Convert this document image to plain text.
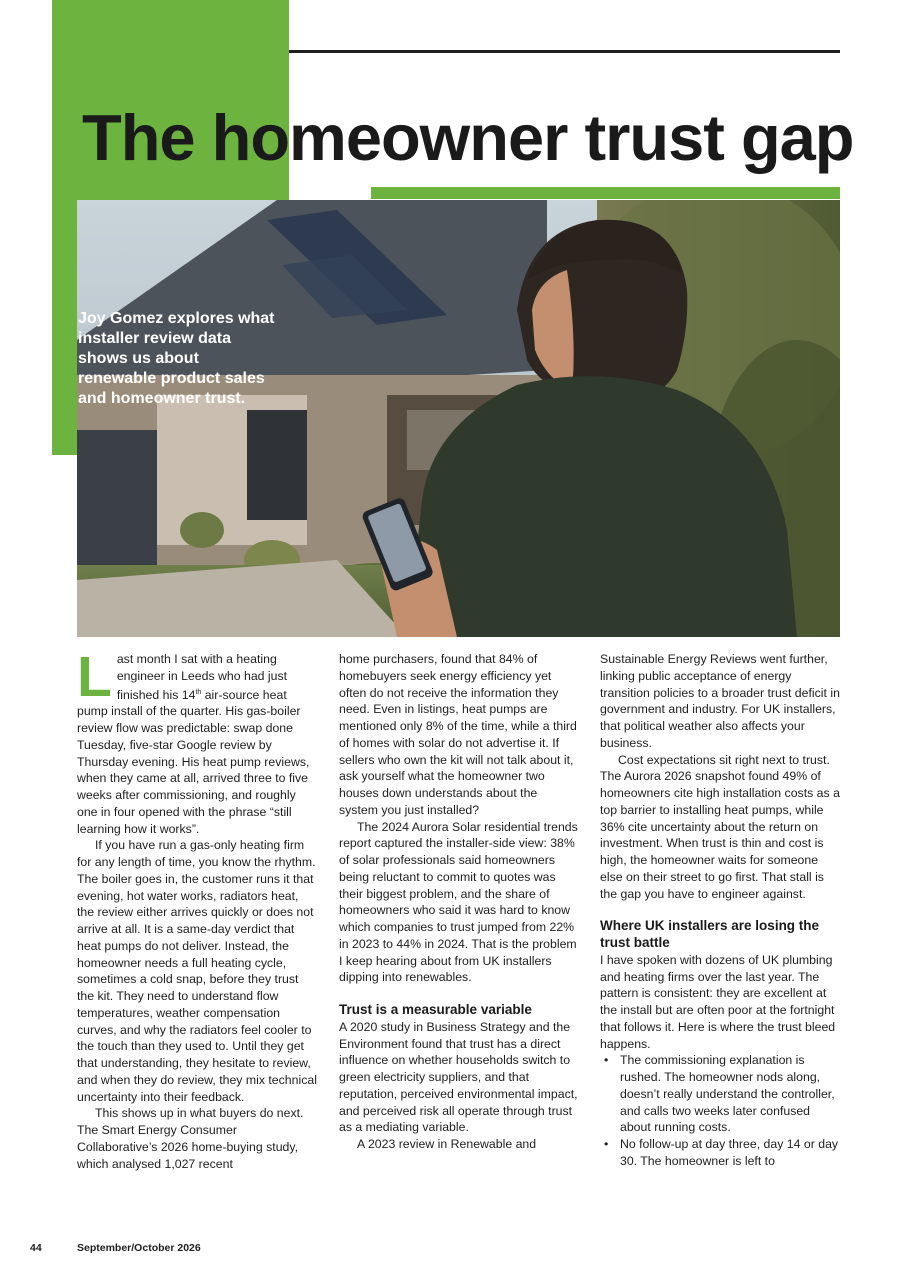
The homeowner trust gap

Joy Gomez explores what installer review data shows us about renewable product sales and homeowner trust.

Last month I sat with a heating engineer in Leeds who had just finished his 14th air-source heat pump install of the quarter. His gas-boiler review flow was predictable: swap done Tuesday, five-star Google review by Thursday evening. His heat pump reviews, when they came at all, arrived three to five weeks after commissioning, and roughly one in four opened with the phrase “still learning how it works”.

If you have run a gas-only heating firm for any length of time, you know the rhythm. The boiler goes in, the customer runs it that evening, hot water works, radiators heat, the review either arrives quickly or does not arrive at all. It is a same-day verdict that heat pumps do not deliver. Instead, the homeowner needs a full heating cycle, sometimes a cold snap, before they trust the kit. They need to understand flow temperatures, weather compensation curves, and why the radiators feel cooler to the touch than they used to. Until they get that understanding, they hesitate to review, and when they do review, they mix technical uncertainty into their feedback.

This shows up in what buyers do next. The Smart Energy Consumer Collaborative’s 2026 home-buying study, which analysed 1,027 recent

home purchasers, found that 84% of homebuyers seek energy efficiency yet often do not receive the information they need. Even in listings, heat pumps are mentioned only 8% of the time, while a third of homes with solar do not advertise it. If sellers who own the kit will not talk about it, ask yourself what the homeowner two houses down understands about the system you just installed?

The 2024 Aurora Solar residential trends report captured the installer-side view: 38% of solar professionals said homeowners being reluctant to commit to quotes was their biggest problem, and the share of homeowners who said it was hard to know which companies to trust jumped from 22% in 2023 to 44% in 2024. That is the problem I keep hearing about from UK installers dipping into renewables.

Trust is a measurable variable

A 2020 study in Business Strategy and the Environment found that trust has a direct influence on whether households switch to green electricity suppliers, and that reputation, perceived environmental impact, and perceived risk all operate through trust as a mediating variable.

A 2023 review in Renewable and

Sustainable Energy Reviews went further, linking public acceptance of energy transition policies to a broader trust deficit in government and industry. For UK installers, that political weather also affects your business.

Cost expectations sit right next to trust. The Aurora 2026 snapshot found 49% of homeowners cite high installation costs as a top barrier to installing heat pumps, while 36% cite uncertainty about the return on investment. When trust is thin and cost is high, the homeowner waits for someone else on their street to go first. That stall is the gap you have to engineer against.

Where UK installers are losing the trust battle

I have spoken with dozens of UK plumbing and heating firms over the last year. The pattern is consistent: they are excellent at the install but are often poor at the fortnight that follows it. Here is where the trust bleed happens.

• The commissioning explanation is rushed. The homeowner nods along, doesn’t really understand the controller, and calls two weeks later confused about running costs.
• No follow-up at day three, day 14 or day 30. The homeowner is left to
44	September/October 2026
